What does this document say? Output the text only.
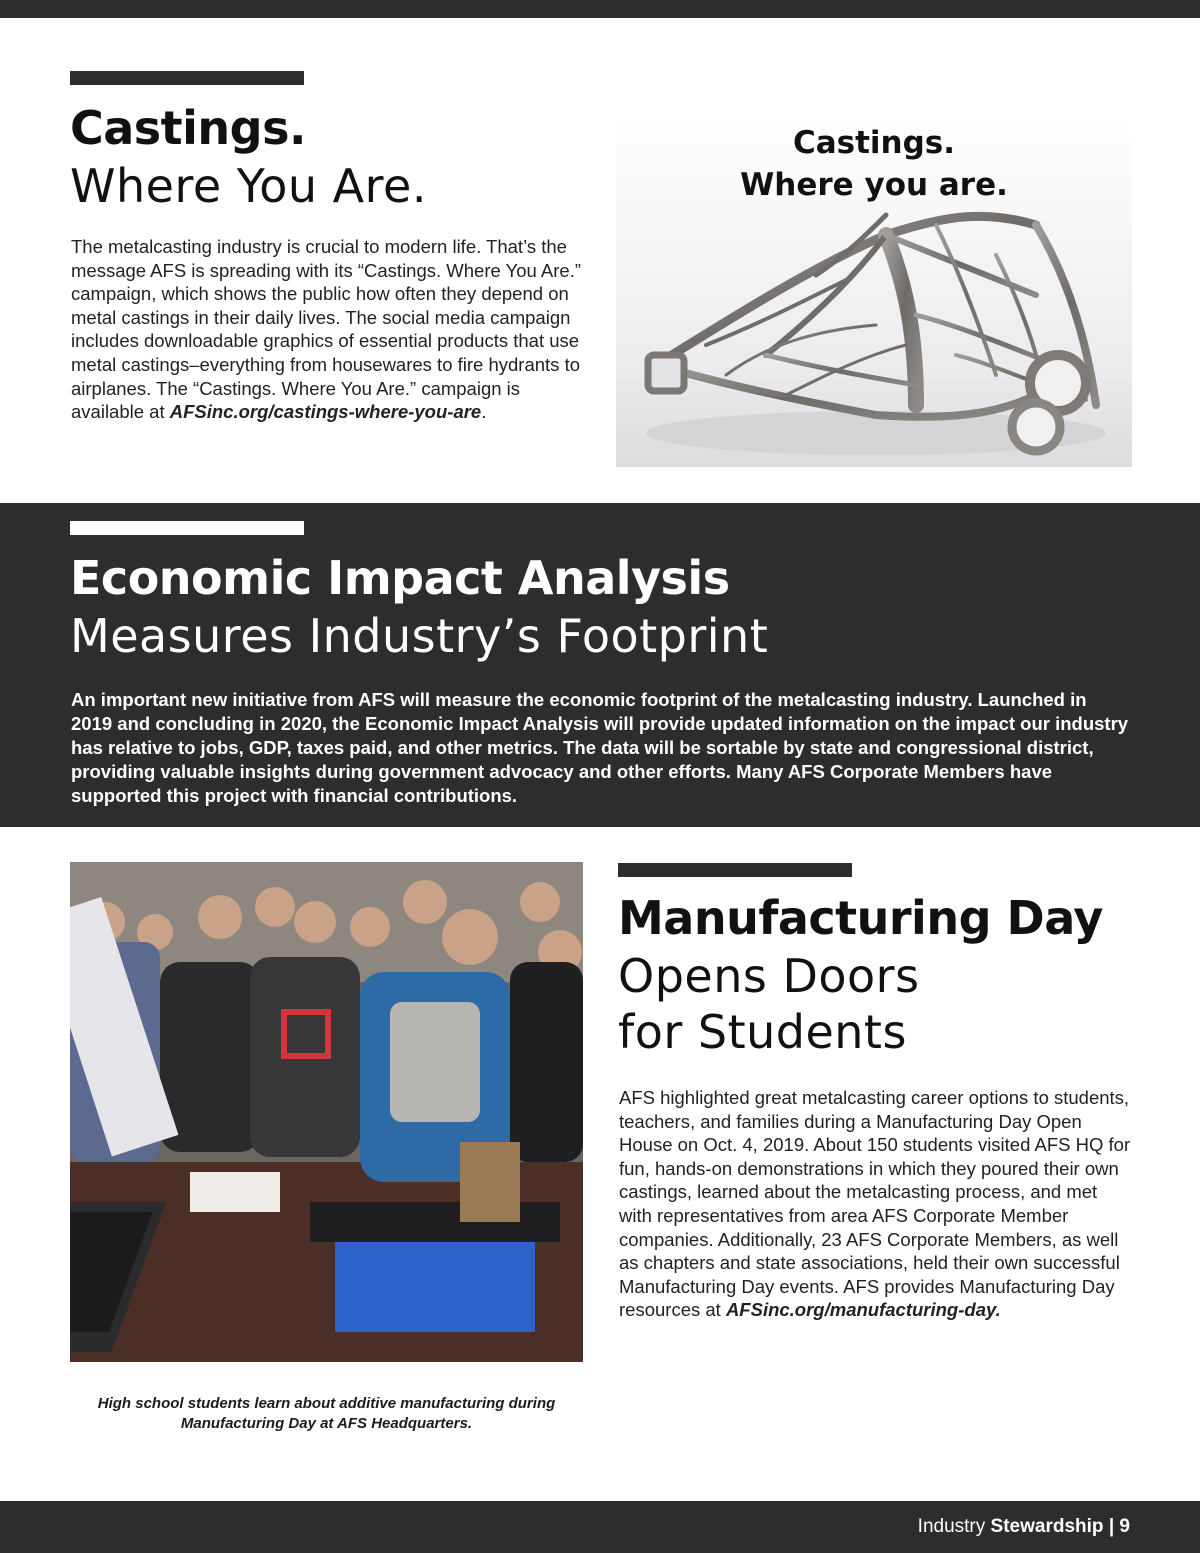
Castings.
Where You Are.
The metalcasting industry is crucial to modern life. That’s the message AFS is spreading with its “Castings. Where You Are.” campaign, which shows the public how often they depend on metal castings in their daily lives. The social media campaign includes downloadable graphics of essential products that use metal castings–everything from housewares to fire hydrants to airplanes. The “Castings. Where You Are.” campaign is available at AFSinc.org/castings-where-you-are.
Castings.
Where you are.
Economic Impact Analysis
Measures Industry’s Footprint
An important new initiative from AFS will measure the economic footprint of the metalcasting industry. Launched in 2019 and concluding in 2020, the Economic Impact Analysis will provide updated information on the impact our industry has relative to jobs, GDP, taxes paid, and other metrics. The data will be sortable by state and congressional district, providing valuable insights during government advocacy and other efforts. Many AFS Corporate Members have supported this project with financial contributions.
High school students learn about additive manufacturing during Manufacturing Day at AFS Headquarters.
Manufacturing Day
Opens Doors
for Students
AFS highlighted great metalcasting career options to students, teachers, and families during a Manufacturing Day Open House on Oct. 4, 2019. About 150 students visited AFS HQ for fun, hands-on demonstrations in which they poured their own castings, learned about the metalcasting process, and met with representatives from area AFS Corporate Member companies. Additionally, 23 AFS Corporate Members, as well as chapters and state associations, held their own successful Manufacturing Day events. AFS provides Manufacturing Day resources at AFSinc.org/manufacturing-day.
Industry Stewardship | 9
